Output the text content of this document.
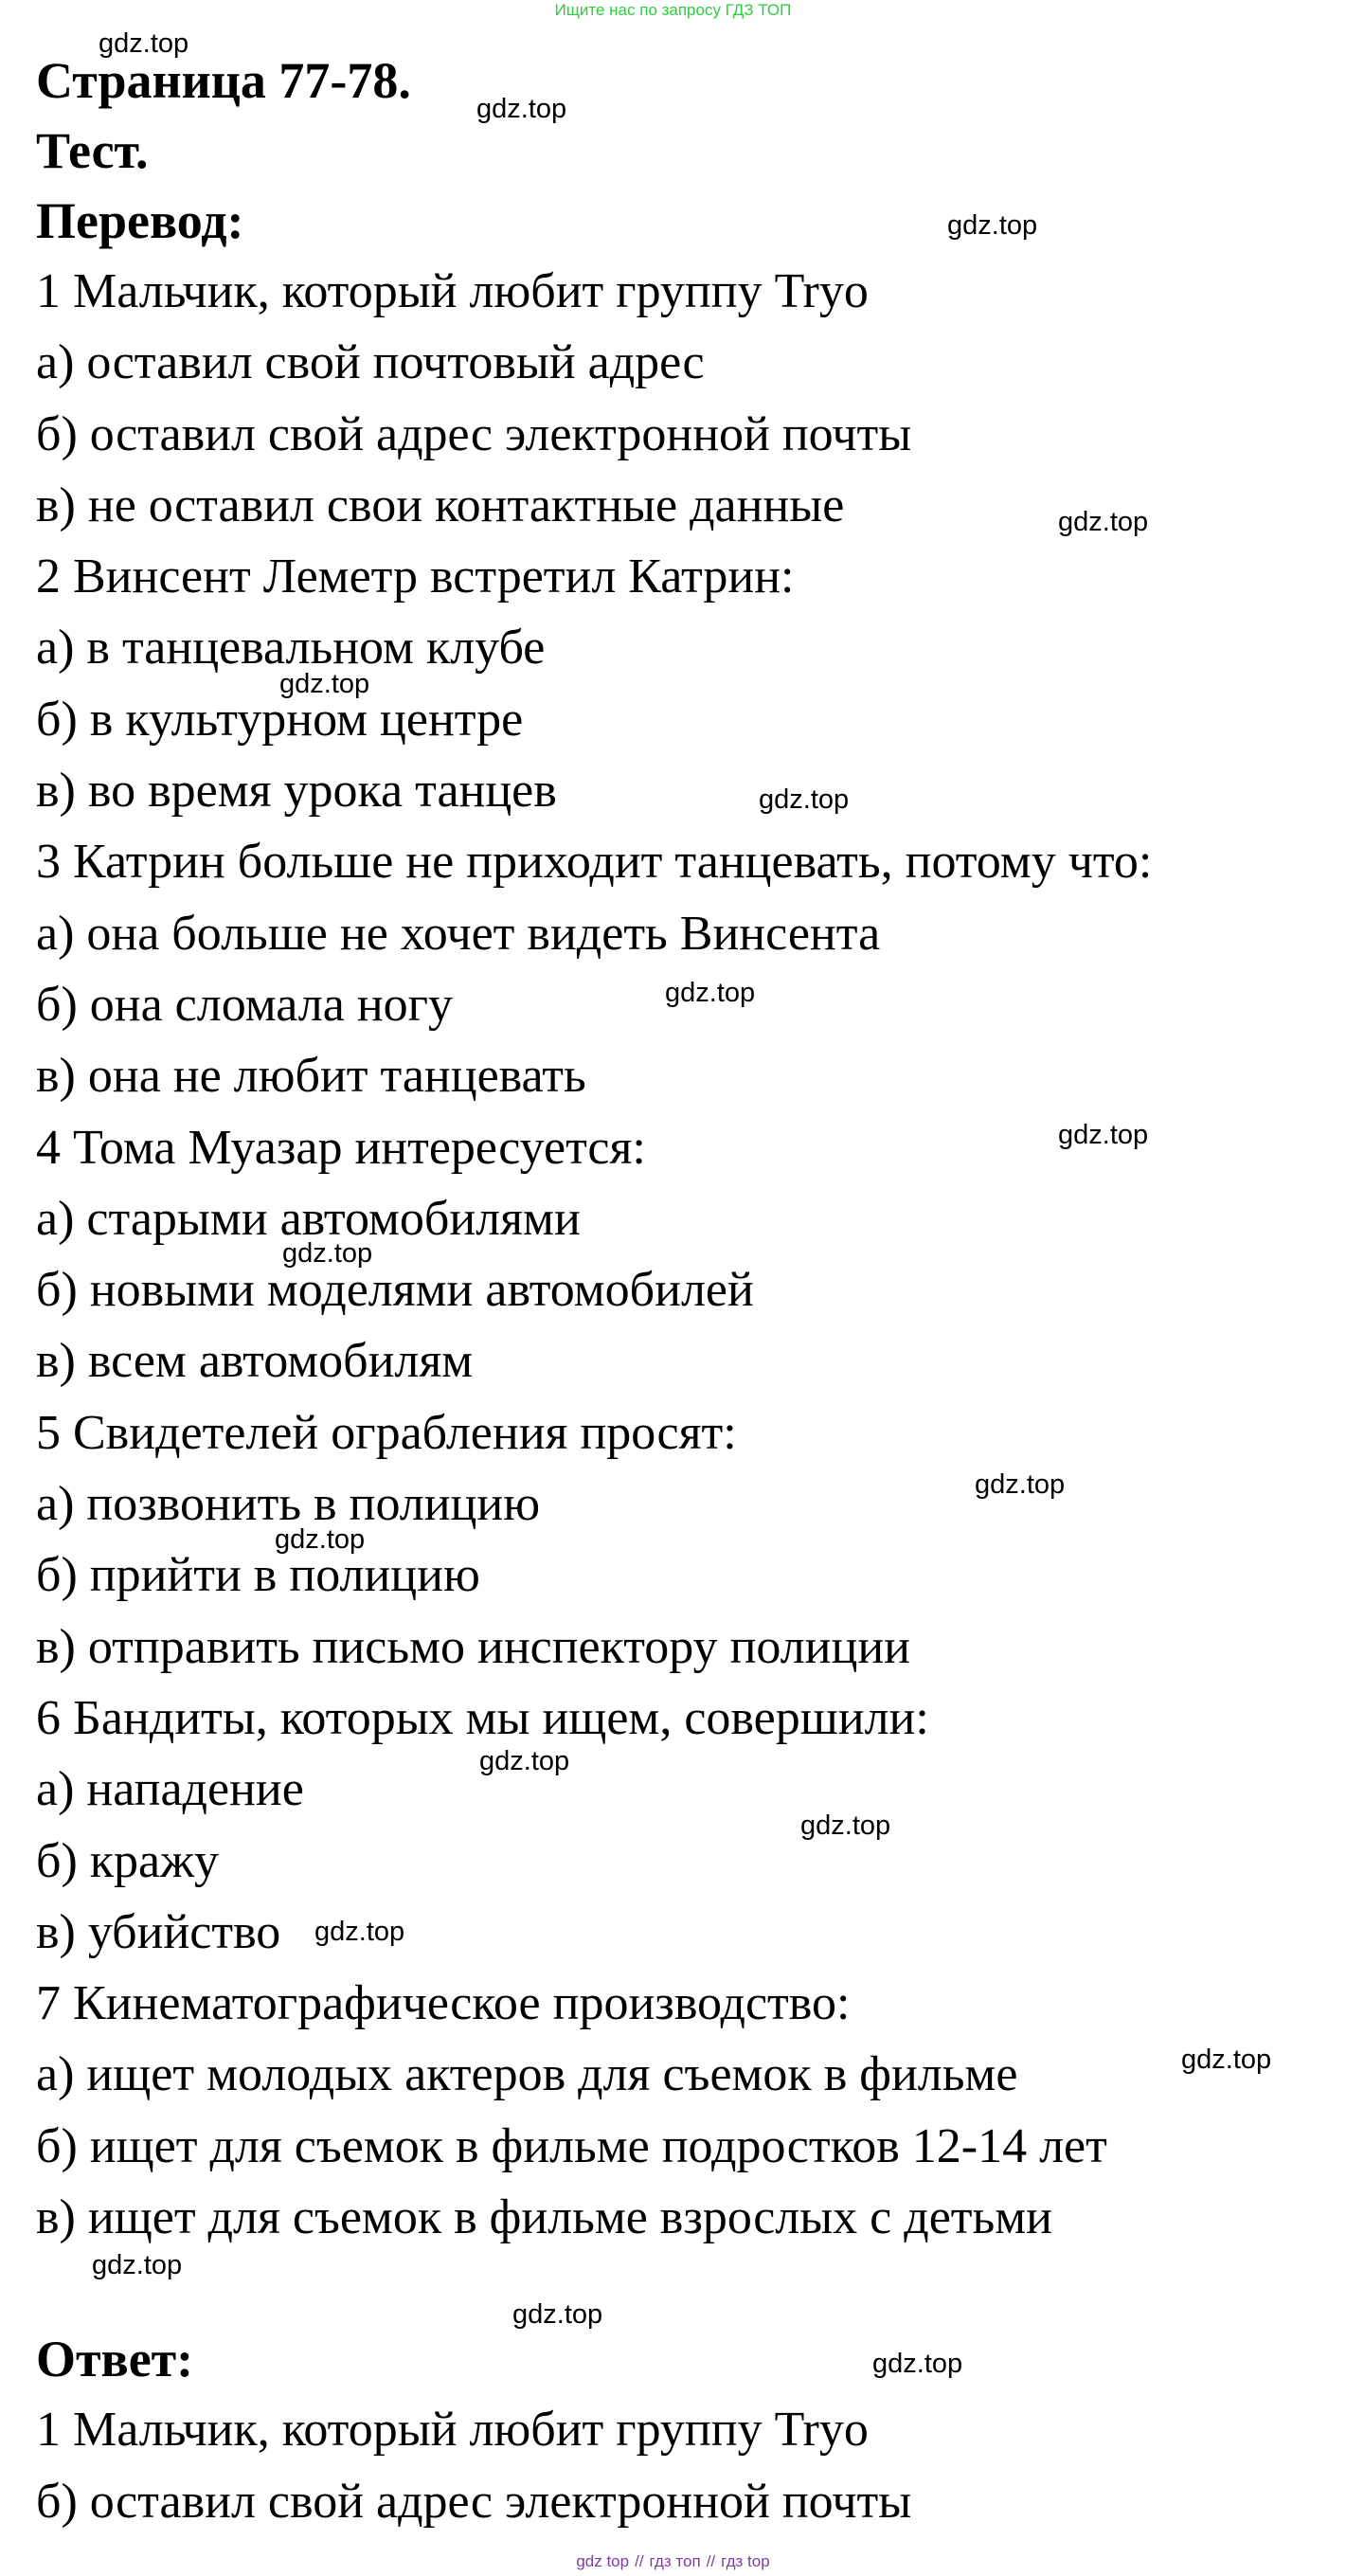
Ищите нас по запросу ГДЗ ТОП
Страница 77-78.
Тест.
Перевод:
1 Мальчик, который любит группу Tryo
а) оставил свой почтовый адрес
б) оставил свой адрес электронной почты
в) не оставил свои контактные данные
2 Винсент Леметр встретил Катрин:
а) в танцевальном клубе
б) в культурном центре
в) во время урока танцев
3 Катрин больше не приходит танцевать, потому что:
а) она больше не хочет видеть Винсента
б) она сломала ногу
в) она не любит танцевать
4 Тома Муазар интересуется:
а) старыми автомобилями
б) новыми моделями автомобилей
в) всем автомобилям
5 Свидетелей ограбления просят:
а) позвонить в полицию
б) прийти в полицию
в) отправить письмо инспектору полиции
6 Бандиты, которых мы ищем, совершили:
а) нападение
б) кражу
в) убийство
7 Кинематографическое производство:
а) ищет молодых актеров для съемок в фильме
б) ищет для съемок в фильме подростков 12-14 лет
в) ищет для съемок в фильме взрослых с детьми
Ответ:
1 Мальчик, который любит группу Tryo
б) оставил свой адрес электронной почты
gdz.top
gdz.top
gdz.top
gdz.top
gdz.top
gdz.top
gdz.top
gdz.top
gdz.top
gdz.top
gdz.top
gdz.top
gdz.top
gdz.top
gdz.top
gdz.top
gdz.top
gdz.top
gdz top // гдз топ // гдз top
